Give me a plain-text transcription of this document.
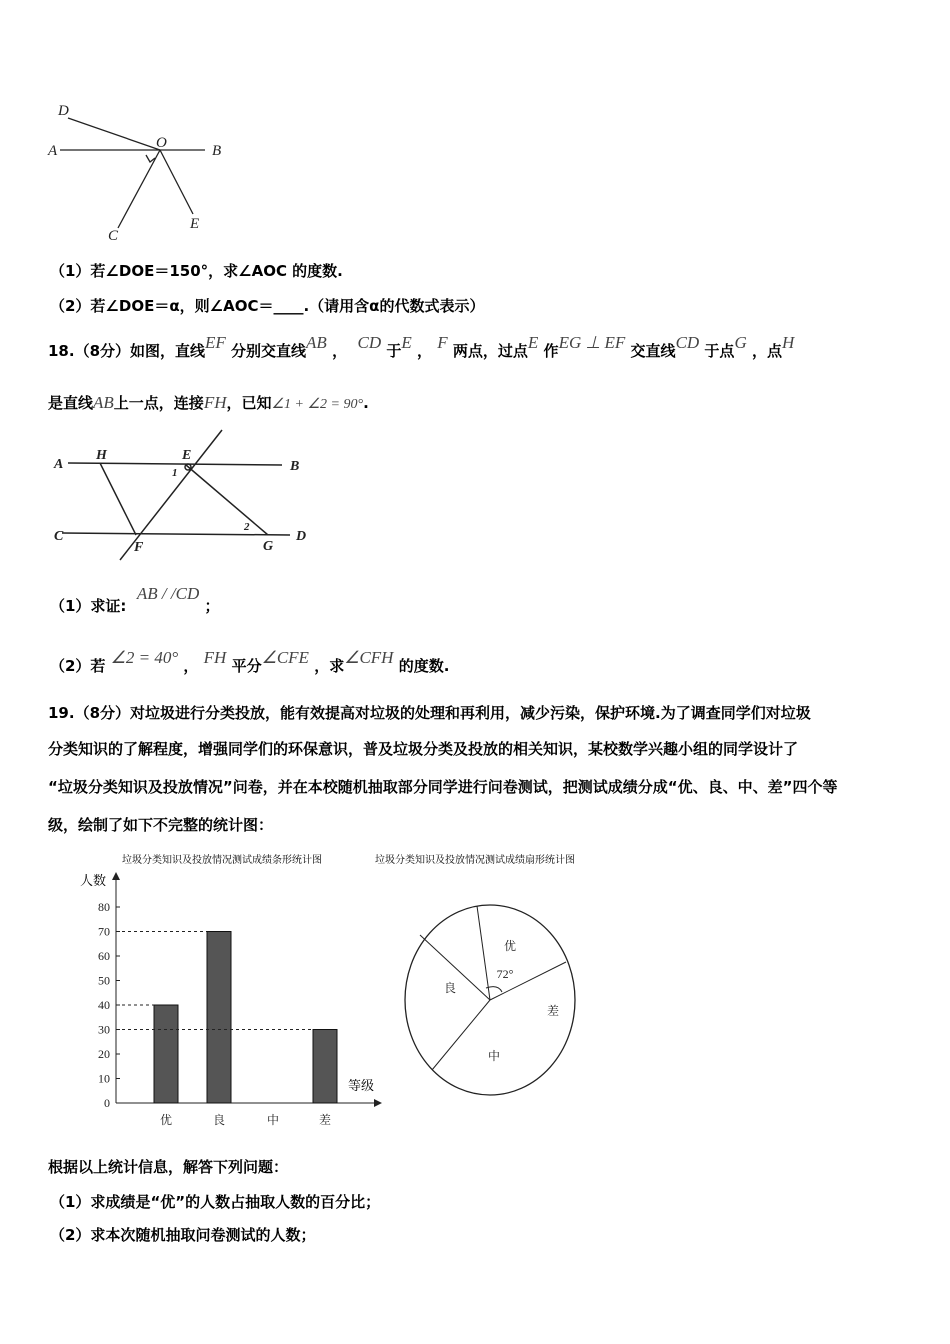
D
A	O	B
C
E
A
H	E
B
1
C
F
2
G
D
0
10
20
30
40
50
60
70
80
优	良	中	差
优
良
中
差
72°
垃圾分类知识及投放情况测试成绩条形统计图	垃圾分类知识及投放情况测试成绩扇形统计图
人数
等级
（1）若∠DOE＝150°，求∠AOC 的度数.
（2）若∠DOE＝α，则∠AOC＝____.（请用含α的代数式表示）
18.（8分）如图，直线EF 分别交直线AB ， CD 于E ， F 两点，过点E 作EG ⊥ EF 交直线CD 于点G ，点H
是直线AB上一点，连接FH，已知∠1 + ∠2 = 90°.
（1）求证:  AB / /CD ；
（2）若 ∠2 = 40° ， FH 平分∠CFE ，求∠CFH 的度数.
19.（8分）对垃圾进行分类投放，能有效提高对垃圾的处理和再利用，减少污染，保护环境.为了调查同学们对垃圾
分类知识的了解程度，增强同学们的环保意识，普及垃圾分类及投放的相关知识，某校数学兴趣小组的同学设计了
“垃圾分类知识及投放情况”问卷，并在本校随机抽取部分同学进行问卷测试，把测试成绩分成“优、良、中、差”四个等
级，绘制了如下不完整的统计图：
根据以上统计信息，解答下列问题：
（1）求成绩是“优”的人数占抽取人数的百分比；
（2）求本次随机抽取问卷测试的人数；
